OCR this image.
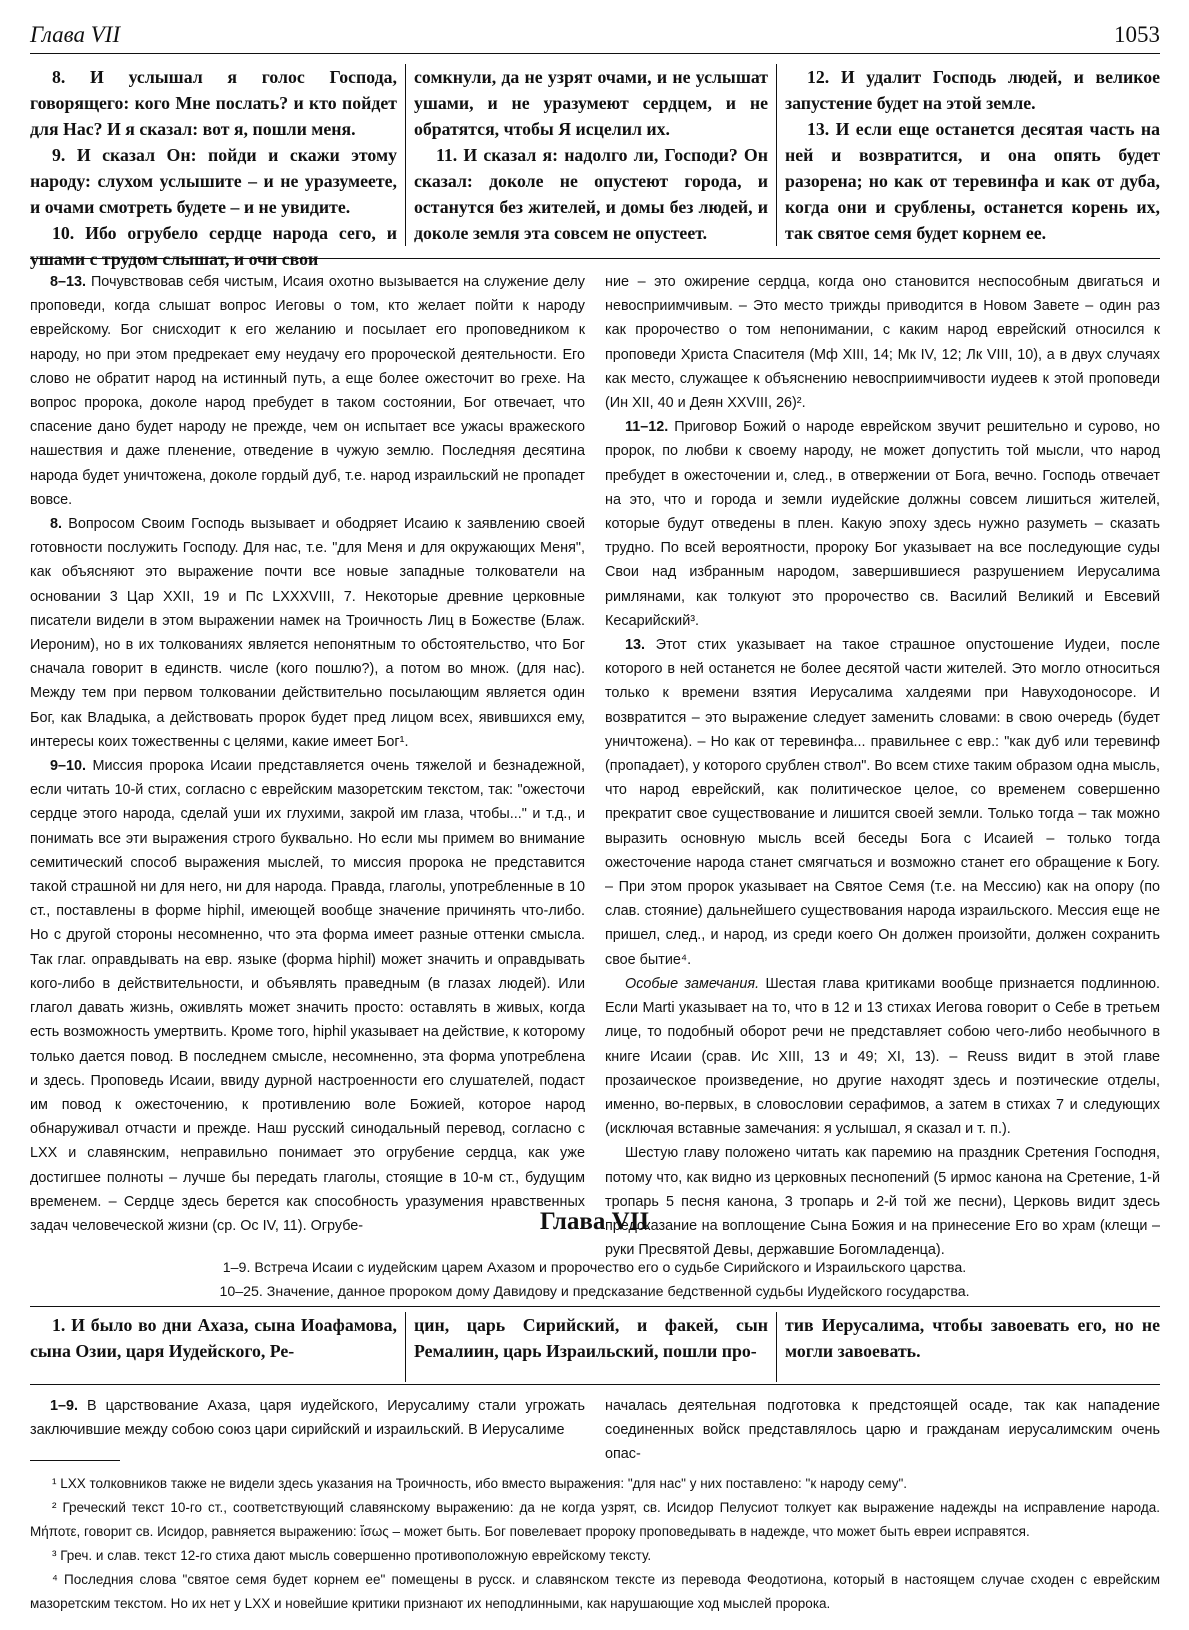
Глава VII	1053

8. И услышал я голос Господа, говорящего: кого Мне послать? и кто пойдет для Нас? И я сказал: вот я, пошли меня.

9. И сказал Он: пойди и скажи этому народу: слухом услышите – и не уразумеете, и очами смотреть будете – и не увидите.

10. Ибо огрубело сердце народа сего, и ушами с трудом слышат, и очи свои

сомкнули, да не узрят очами, и не услышат ушами, и не уразумеют сердцем, и не обратятся, чтобы Я исцелил их.

11. И сказал я: надолго ли, Господи? Он сказал: доколе не опустеют города, и останутся без жителей, и домы без людей, и доколе земля эта совсем не опустеет.

12. И удалит Господь людей, и великое запустение будет на этой земле.

13. И если еще останется десятая часть на ней и возвратится, и она опять будет разорена; но как от теревинфа и как от дуба, когда они и срублены, останется корень их, так святое семя будет корнем ее.

8–13. Почувствовав себя чистым, Исаия охотно вызывается на служение делу проповеди, когда слышат вопрос Иеговы о том, кто желает пойти к народу еврейскому. Бог снисходит к его желанию и посылает его проповедником к народу, но при этом предрекает ему неудачу его пророческой деятельности. Его слово не обратит народ на истинный путь, а еще более ожесточит во грехе. На вопрос пророка, доколе народ пребудет в таком состоянии, Бог отвечает, что спасение дано будет народу не прежде, чем он испытает все ужасы вражеского нашествия и даже пленение, отведение в чужую землю. Последняя десятина народа будет уничтожена, доколе гордый дуб, т.е. народ израильский не пропадет вовсе.

8. Вопросом Своим Господь вызывает и ободряет Исаию к заявлению своей готовности послужить Господу. Для нас, т.е. "для Меня и для окружающих Меня", как объясняют это выражение почти все новые западные толкователи на основании 3 Цар XXII, 19 и Пс LXXXVIII, 7. Некоторые древние церковные писатели видели в этом выражении намек на Троичность Лиц в Божестве (Блаж. Иероним), но в их толкованиях является непонятным то обстоятельство, что Бог сначала говорит в единств. числе (кого пошлю?), а потом во множ. (для нас). Между тем при первом толковании действительно посылающим является один Бог, как Владыка, а действовать пророк будет пред лицом всех, явившихся ему, интересы коих тожественны с целями, какие имеет Бог¹.

9–10. Миссия пророка Исаии представляется очень тяжелой и безнадежной, если читать 10-й стих, согласно с еврейским мазоретским текстом, так: "ожесточи сердце этого народа, сделай уши их глухими, закрой им глаза, чтобы..." и т.д., и понимать все эти выражения строго буквально. Но если мы примем во внимание семитический способ выражения мыслей, то миссия пророка не представится такой страшной ни для него, ни для народа. Правда, глаголы, употребленные в 10 ст., поставлены в форме hiphil, имеющей вообще значение причинять что-либо. Но с другой стороны несомненно, что эта форма имеет разные оттенки смысла. Так глаг. оправдывать на евр. языке (форма hiphil) может значить и оправдывать кого-либо в действительности, и объявлять праведным (в глазах людей). Или глагол давать жизнь, оживлять может значить просто: оставлять в живых, когда есть возможность умертвить. Кроме того, hiphil указывает на действие, к которому только дается повод. В последнем смысле, несомненно, эта форма употреблена и здесь. Проповедь Исаии, ввиду дурной настроенности его слушателей, подаст им повод к ожесточению, к противлению воле Божией, которое народ обнаруживал отчасти и прежде. Наш русский синодальный перевод, согласно с LXX и славянским, неправильно понимает это огрубение сердца, как уже достигшее полноты – лучше бы передать глаголы, стоящие в 10-м ст., будущим временем. – Сердце здесь берется как способность уразумения нравственных задач человеческой жизни (ср. Ос IV, 11). Огрубе-

ние – это ожирение сердца, когда оно становится неспособным двигаться и невосприимчивым. – Это место трижды приводится в Новом Завете – один раз как пророчество о том непонимании, с каким народ еврейский относился к проповеди Христа Спасителя (Мф XIII, 14; Мк IV, 12; Лк VIII, 10), а в двух случаях как место, служащее к объяснению невосприимчивости иудеев к этой проповеди (Ин XII, 40 и Деян XXVIII, 26)².

11–12. Приговор Божий о народе еврейском звучит решительно и сурово, но пророк, по любви к своему народу, не может допустить той мысли, что народ пребудет в ожесточении и, след., в отвержении от Бога, вечно. Господь отвечает на это, что и города и земли иудейские должны совсем лишиться жителей, которые будут отведены в плен. Какую эпоху здесь нужно разуметь – сказать трудно. По всей вероятности, пророку Бог указывает на все последующие суды Свои над избранным народом, завершившиеся разрушением Иерусалима римлянами, как толкуют это пророчество св. Василий Великий и Евсевий Кесарийский³.

13. Этот стих указывает на такое страшное опустошение Иудеи, после которого в ней останется не более десятой части жителей. Это могло относиться только к времени взятия Иерусалима халдеями при Навуходоносоре. И возвратится – это выражение следует заменить словами: в свою очередь (будет уничтожена). – Но как от теревинфа... правильнее с евр.: "как дуб или теревинф (пропадает), у которого срублен ствол". Во всем стихе таким образом одна мысль, что народ еврейский, как политическое целое, со временем совершенно прекратит свое существование и лишится своей земли. Только тогда – так можно выразить основную мысль всей беседы Бога с Исаией – только тогда ожесточение народа станет смягчаться и возможно станет его обращение к Богу. – При этом пророк указывает на Святое Семя (т.е. на Мессию) как на опору (по слав. стояние) дальнейшего существования народа израильского. Мессия еще не пришел, след., и народ, из среди коего Он должен произойти, должен сохранить свое бытие⁴.

Особые замечания. Шестая глава критиками вообще признается подлинною. Если Marti указывает на то, что в 12 и 13 стихах Иегова говорит о Себе в третьем лице, то подобный оборот речи не представляет собою чего-либо необычного в книге Исаии (срав. Ис XIII, 13 и 49; XI, 13). – Reuss видит в этой главе прозаическое произведение, но другие находят здесь и поэтические отделы, именно, во-первых, в словословии серафимов, а затем в стихах 7 и следующих (исключая вставные замечания: я услышал, я сказал и т. п.).

Шестую главу положено читать как паремию на праздник Сретения Господня, потому что, как видно из церковных песнопений (5 ирмос канона на Сретение, 1-й тропарь 5 песня канона, 3 тропарь и 2-й той же песни), Церковь видит здесь предсказание на воплощение Сына Божия и на принесение Его во храм (клещи – руки Пресвятой Девы, державшие Богомладенца).

Глава VII
1–9. Встреча Исаии с иудейским царем Ахазом и пророчество его о судьбе Сирийского и Израильского царства.
10–25. Значение, данное пророком дому Давидову и предсказание бедственной судьбы Иудейского государства.

1. И было во дни Ахаза, сына Иоафамова, сына Озии, царя Иудейского, Ре-

цин, царь Сирийский, и факей, сын Ремалиин, царь Израильский, пошли про-

тив Иерусалима, чтобы завоевать его, но не могли завоевать.

1–9. В царствование Ахаза, царя иудейского, Иерусалиму стали угрожать заключившие между собою союз цари сирийский и израильский. В Иерусалиме

началась деятельная подготовка к предстоящей осаде, так как нападение соединенных войск представлялось царю и гражданам иерусалимским очень опас-

¹ LXX толковников также не видели здесь указания на Троичность, ибо вместо выражения: "для нас" у них поставлено: "к народу сему".

² Греческий текст 10-го ст., соответствующий славянскому выражению: да не когда узрят, св. Исидор Пелусиот толкует как выражение надежды на исправление народа. Μήποτε, говорит св. Исидор, равняется выражению: ἴσως – может быть. Бог повелевает пророку проповедывать в надежде, что может быть евреи исправятся.

³ Греч. и слав. текст 12-го стиха дают мысль совершенно противоположную еврейскому тексту.

⁴ Последния слова "святое семя будет корнем ее" помещены в русск. и славянском тексте из перевода Феодотиона, который в настоящем случае сходен с еврейским мазоретским текстом. Но их нет у LXX и новейшие критики признают их неподлинными, как нарушающие ход мыслей пророка.
